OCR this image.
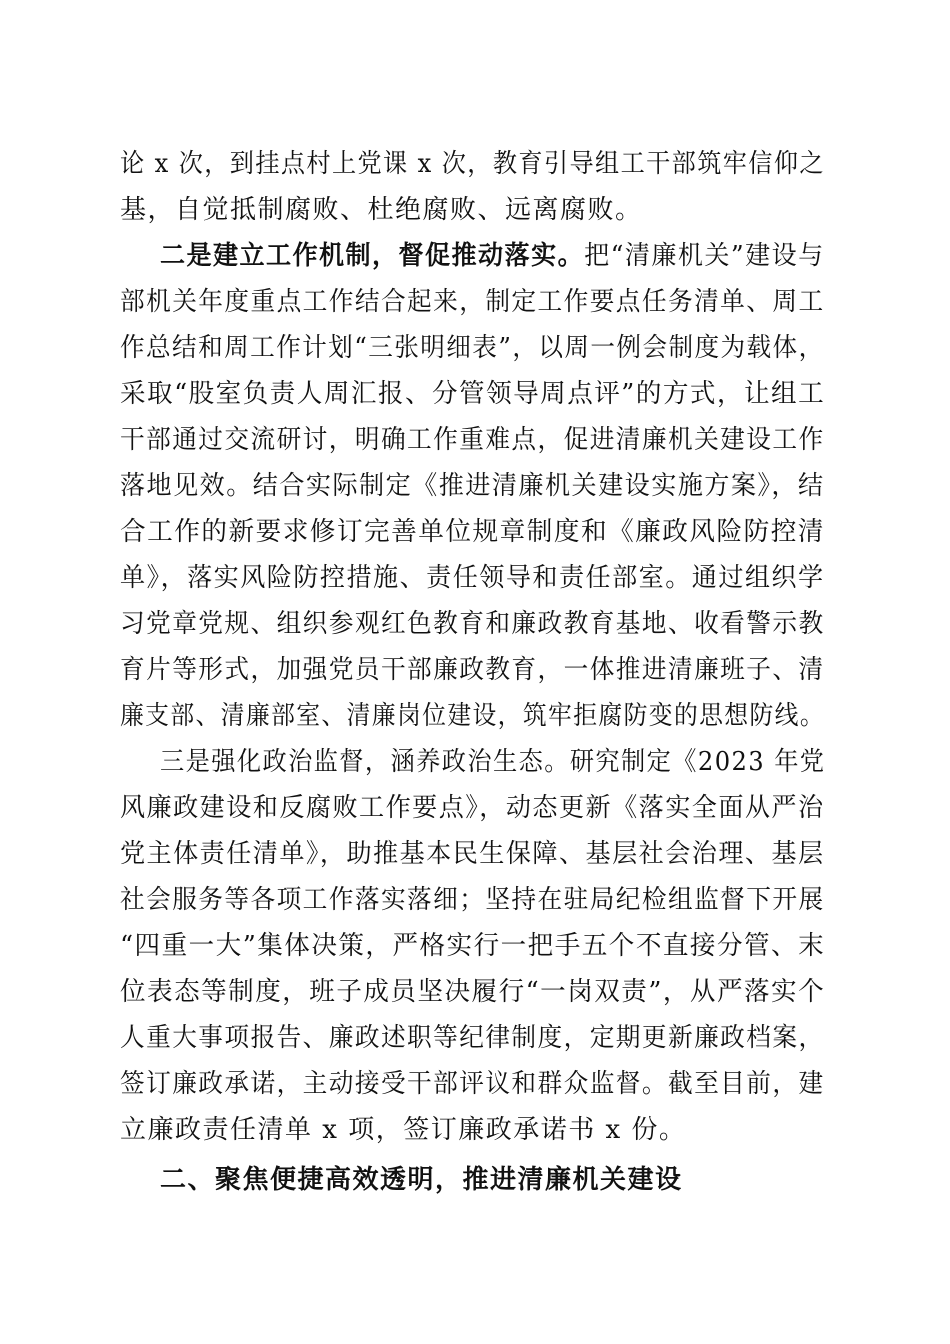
论 x 次，到挂点村上党课 x 次，教育引导组工干部筑牢信仰之
基，自觉抵制腐败、杜绝腐败、远离腐败。
二是建立工作机制，督促推动落实。把“清廉机关”建设与
部机关年度重点工作结合起来，制定工作要点任务清单、周工
作总结和周工作计划“三张明细表”，以周一例会制度为载体，
采取“股室负责人周汇报、分管领导周点评”的方式，让组工
干部通过交流研讨，明确工作重难点，促进清廉机关建设工作
落地见效。结合实际制定《推进清廉机关建设实施方案》，结
合工作的新要求修订完善单位规章制度和《廉政风险防控清
单》，落实风险防控措施、责任领导和责任部室。通过组织学
习党章党规、组织参观红色教育和廉政教育基地、收看警示教
育片等形式，加强党员干部廉政教育，一体推进清廉班子、清
廉支部、清廉部室、清廉岗位建设，筑牢拒腐防变的思想防线。
三是强化政治监督，涵养政治生态。研究制定《2023 年党
风廉政建设和反腐败工作要点》，动态更新《落实全面从严治
党主体责任清单》，助推基本民生保障、基层社会治理、基层
社会服务等各项工作落实落细；坚持在驻局纪检组监督下开展
“四重一大”集体决策，严格实行一把手五个不直接分管、末
位表态等制度，班子成员坚决履行“一岗双责”，从严落实个
人重大事项报告、廉政述职等纪律制度，定期更新廉政档案，
签订廉政承诺，主动接受干部评议和群众监督。截至目前，建
立廉政责任清单 x 项，签订廉政承诺书 x 份。
二、聚焦便捷高效透明，推进清廉机关建设
